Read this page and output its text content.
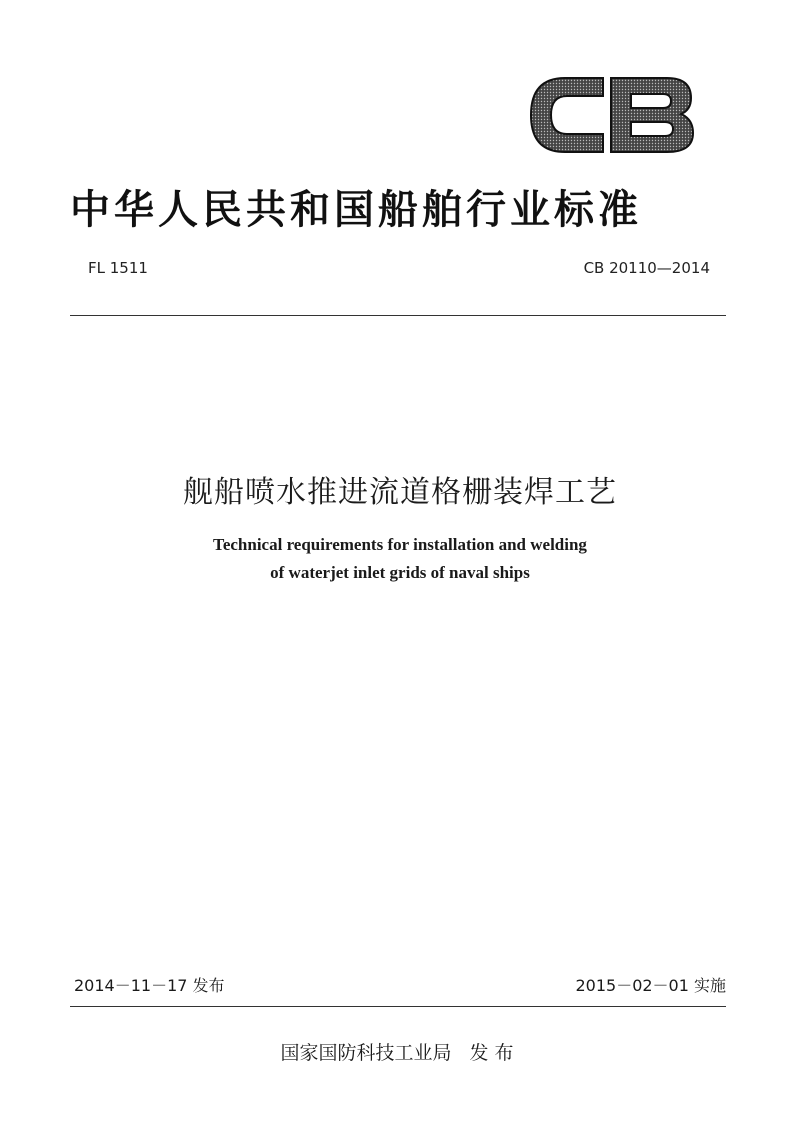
中华人民共和国船舶行业标准
FL 1511	CB 20110—2014
舰船喷水推进流道格栅装焊工艺
Technical requirements for installation and welding
of waterjet inlet grids of naval ships
2014－11－17 发布	2015－02－01 实施
国家国防科技工业局 发布
